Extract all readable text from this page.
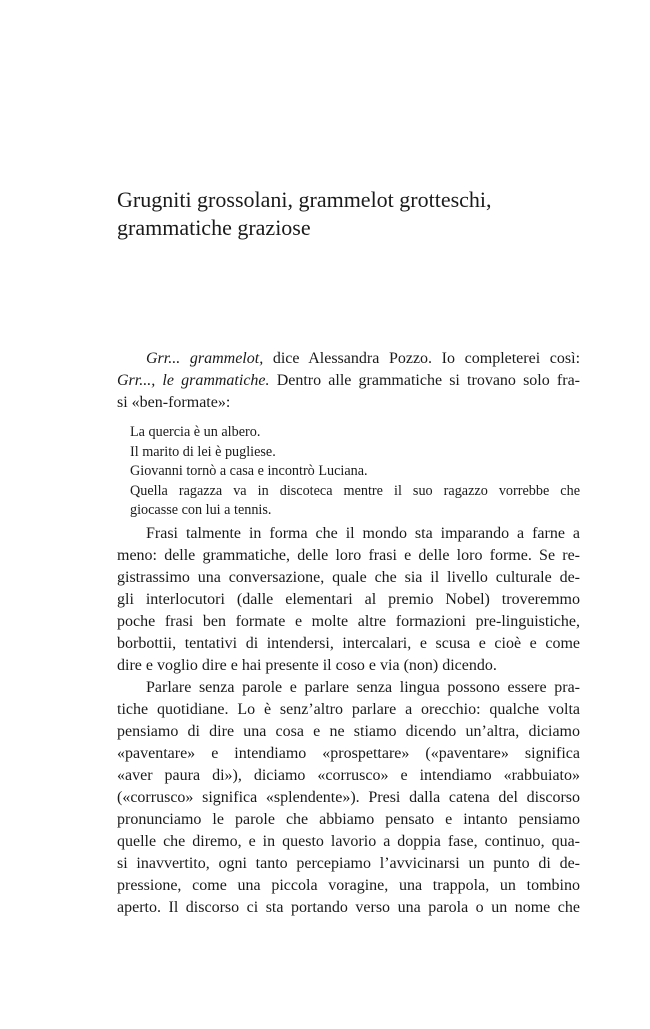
Grugniti grossolani, grammelot grotteschi,
grammatiche graziose
Grr... grammelot, dice Alessandra Pozzo. Io completerei così:
Grr..., le grammatiche. Dentro alle grammatiche si trovano solo fra-
si «ben-formate»:
La quercia è un albero.
Il marito di lei è pugliese.
Giovanni tornò a casa e incontrò Luciana.
Quella ragazza va in discoteca mentre il suo ragazzo vorrebbe che
giocasse con lui a tennis.
Frasi talmente in forma che il mondo sta imparando a farne a
meno: delle grammatiche, delle loro frasi e delle loro forme. Se re-
gistrassimo una conversazione, quale che sia il livello culturale de-
gli interlocutori (dalle elementari al premio Nobel) troveremmo
poche frasi ben formate e molte altre formazioni pre-linguistiche,
borbottii, tentativi di intendersi, intercalari, e scusa e cioè e come
dire e voglio dire e hai presente il coso e via (non) dicendo.
Parlare senza parole e parlare senza lingua possono essere pra-
tiche quotidiane. Lo è senz’altro parlare a orecchio: qualche volta
pensiamo di dire una cosa e ne stiamo dicendo un’altra, diciamo
«paventare» e intendiamo «prospettare» («paventare» significa
«aver paura di»), diciamo «corrusco» e intendiamo «rabbuiato»
(«corrusco» significa «splendente»). Presi dalla catena del discorso
pronunciamo le parole che abbiamo pensato e intanto pensiamo
quelle che diremo, e in questo lavorio a doppia fase, continuo, qua-
si inavvertito, ogni tanto percepiamo l’avvicinarsi un punto di de-
pressione, come una piccola voragine, una trappola, un tombino
aperto. Il discorso ci sta portando verso una parola o un nome che
